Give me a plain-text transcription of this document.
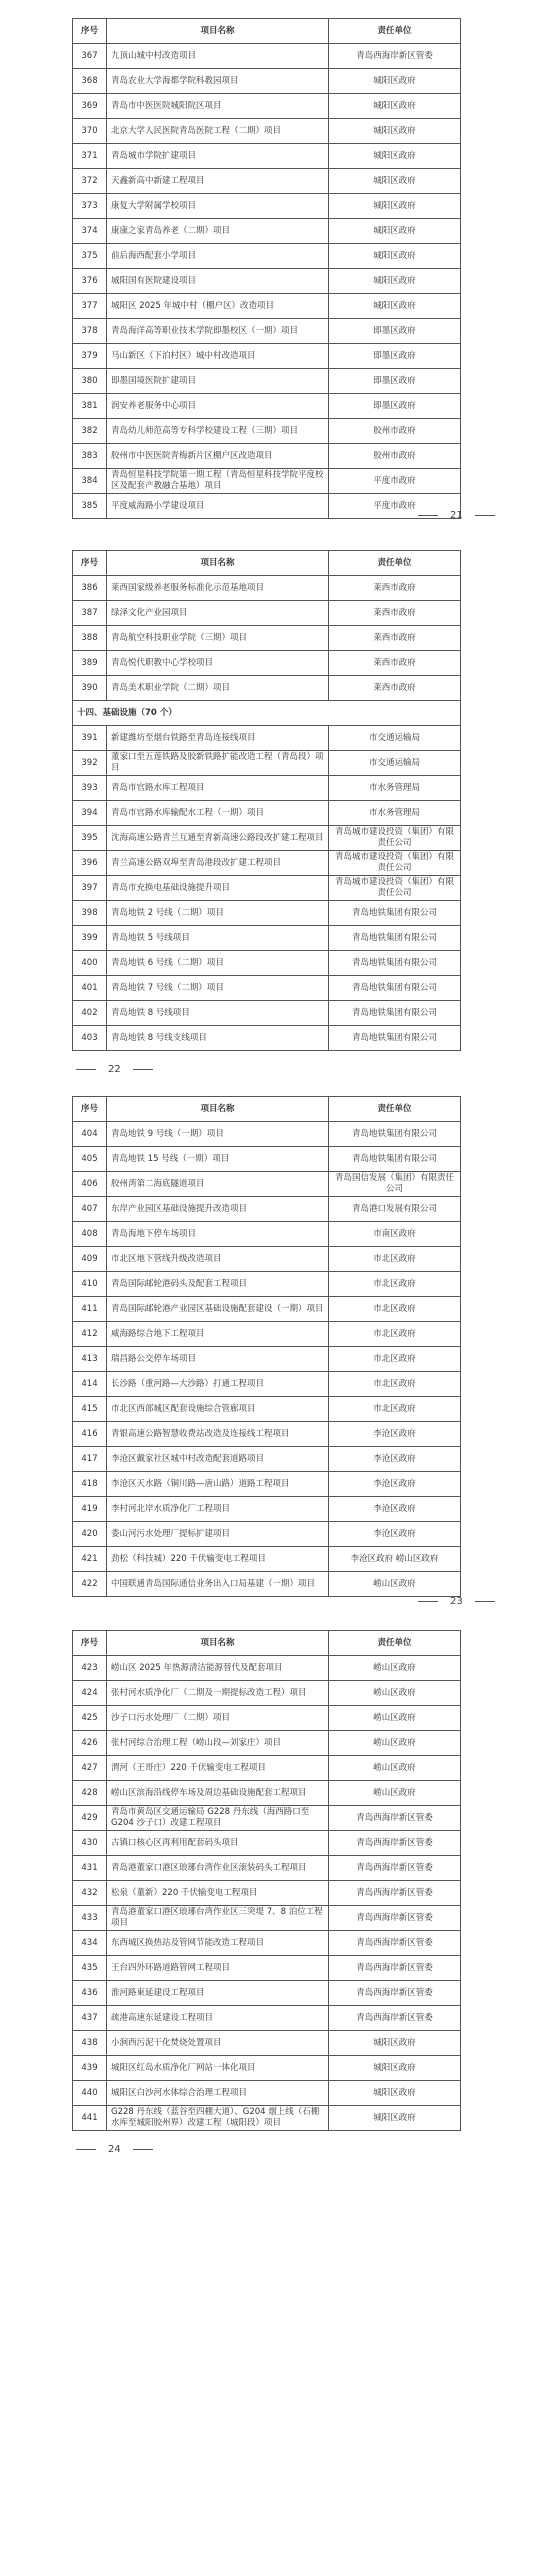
序号	项目名称	责任单位
367	九顶山城中村改造项目	青岛西海岸新区管委
368	青岛农业大学海都学院科教园项目	城阳区政府
369	青岛市中医医院城阳院区项目	城阳区政府
370	北京大学人民医院青岛医院工程（二期）项目	城阳区政府
371	青岛城市学院扩建项目	城阳区政府
372	天鑫新高中新建工程项目	城阳区政府
373	康复大学附属学校项目	城阳区政府
374	康康之家青岛养老（二期）项目	城阳区政府
375	前后海西配套小学项目	城阳区政府
376	城阳国有医院建设项目	城阳区政府
377	城阳区 2025 年城中村（棚户区）改造项目	城阳区政府
378	青岛海洋高等职业技术学院即墨校区（一期）项目	即墨区政府
379	马山新区（下泊村区）城中村改造项目	即墨区政府
380	即墨国境医院扩建项目	即墨区政府
381	润安养老服务中心项目	即墨区政府
382	青岛幼儿师范高等专科学校建设工程（三期）项目	胶州市政府
383	胶州市中医医院青梅新片区棚户区改造项目	胶州市政府
384	青岛恒星科技学院第一期工程（青岛恒星科技学院平度校区及配套产教融合基地）项目	平度市政府
385	平度威海路小学建设项目	平度市政府
21
序号	项目名称	责任单位
386	莱西国家级养老服务标准化示范基地项目	莱西市政府
387	绿泽文化产业园项目	莱西市政府
388	青岛航空科技职业学院（三期）项目	莱西市政府
389	青岛悦代职教中心学校项目	莱西市政府
390	青岛美术职业学院（二期）项目	莱西市政府
十四、基础设施（70 个）		
391	新建潍坊至烟台铁路至青岛连接线项目	市交通运输局
392	董家口至五莲铁路及胶新铁路扩能改造工程（青岛段）项目	市交通运输局
393	青岛市官路水库工程项目	市水务管理局
394	青岛市官路水库输配水工程（一期）项目	市水务管理局
395	沈海高速公路青兰互通至青新高速公路段改扩建工程项目	青岛城市建设投资（集团）有限责任公司
396	青兰高速公路双埠至青岛港段改扩建工程项目	青岛城市建设投资（集团）有限责任公司
397	青岛市充换电基础设施提升项目	青岛城市建设投资（集团）有限责任公司
398	青岛地铁 2 号线（二期）项目	青岛地铁集团有限公司
399	青岛地铁 5 号线项目	青岛地铁集团有限公司
400	青岛地铁 6 号线（二期）项目	青岛地铁集团有限公司
401	青岛地铁 7 号线（二期）项目	青岛地铁集团有限公司
402	青岛地铁 8 号线项目	青岛地铁集团有限公司
403	青岛地铁 8 号线支线项目	青岛地铁集团有限公司
22
序号	项目名称	责任单位
404	青岛地铁 9 号线（一期）项目	青岛地铁集团有限公司
405	青岛地铁 15 号线（一期）项目	青岛地铁集团有限公司
406	胶州湾第二海底隧道项目	青岛国信发展（集团）有限责任公司
407	东岸产业园区基础设施提升改造项目	青岛港口发展有限公司
408	青岛海地下停车场项目	市南区政府
409	市北区地下管线升级改造项目	市北区政府
410	青岛国际邮轮港码头及配套工程项目	市北区政府
411	青岛国际邮轮港产业园区基础设施配套建设（一期）项目	市北区政府
412	威海路综合地下工程项目	市北区政府
413	瑞昌路公交停车场项目	市北区政府
414	长沙路（重河路—大沙路）打通工程项目	市北区政府
415	市北区西部城区配套设施综合管廊项目	市北区政府
416	青银高速公路智慧收费站改造及连接线工程项目	李沧区政府
417	李沧区戴家社区城中村改造配套道路项目	李沧区政府
418	李沧区天水路（铜川路—唐山路）道路工程项目	李沧区政府
419	李村河北岸水质净化厂工程项目	李沧区政府
420	娄山河污水处理厂提标扩建项目	李沧区政府
421	劲松（科技城）220 千伏输变电工程项目	李沧区政府 崂山区政府
422	中国联通青岛国际通信业务出入口局基建（一期）项目	崂山区政府
23
序号	项目名称	责任单位
423	崂山区 2025 年热源清洁能源替代及配套项目	崂山区政府
424	张村河水质净化厂（二期及一期提标改造工程）项目	崂山区政府
425	沙子口污水处理厂（二期）项目	崂山区政府
426	张村河综合治理工程（崂山段—刘家庄）项目	崂山区政府
427	渭河（王哥庄）220 千伏输变电工程项目	崂山区政府
428	崂山区滨海沿线停车场及周边基础设施配套工程项目	崂山区政府
429	青岛市黄岛区交通运输局 G228 丹东线（海西路口至 G204 沙子口）改建工程项目	青岛西海岸新区管委
430	古镇口核心区再利用配套码头项目	青岛西海岸新区管委
431	青岛港董家口港区琅琊台湾作业区滚装码头工程项目	青岛西海岸新区管委
432	松泉（董新）220 千伏输变电工程项目	青岛西海岸新区管委
433	青岛港董家口港区琅琊台湾作业区三突堤 7、8 泊位工程项目	青岛西海岸新区管委
434	东西城区换热站及管网节能改造工程项目	青岛西海岸新区管委
435	王台四外环路道路管网工程项目	青岛西海岸新区管委
436	淮河路東延建设工程项目	青岛西海岸新区管委
437	疏港高速东延建设工程项目	青岛西海岸新区管委
438	小涧西污泥干化焚烧处置项目	城阳区政府
439	城阳区红岛水质净化厂网站一体化项目	城阳区政府
440	城阳区白沙河水体综合治理工程项目	城阳区政府
441	G228 丹东线（蓝谷至四棚大道）、G204 烟上线（石棚水库至城阳胶州界）改建工程（城阳段）项目	城阳区政府
24
